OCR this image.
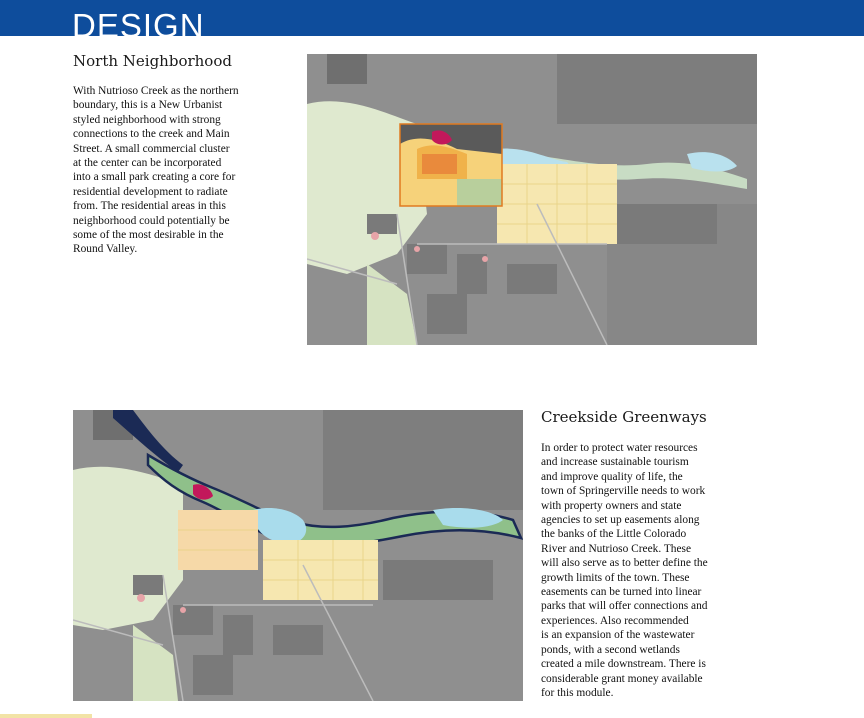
DESIGN
North Neighborhood
With Nutrioso Creek as the northern
boundary, this is a New Urbanist
styled neighborhood with strong
connections to the creek and Main
Street. A small commercial cluster
at the center can be incorporated
into a small park creating a core for
residential development to radiate
from. The residential areas in this
neighborhood could potentially be
some of the most desirable in the
Round Valley.
Creekside Greenways
In order to protect water resources
and increase sustainable tourism
and improve quality of life, the
town of Springerville needs to work
with property owners and state
agencies to set up easements along
the banks of the Little Colorado
River and Nutrioso Creek. These
will also serve as to better define the
growth limits of the town. These
easements can be turned into linear
parks that will offer connections and
experiences. Also recommended
is an expansion of the wastewater
ponds, with a second wetlands
created a mile downstream. There is
considerable grant money available
for this module.
